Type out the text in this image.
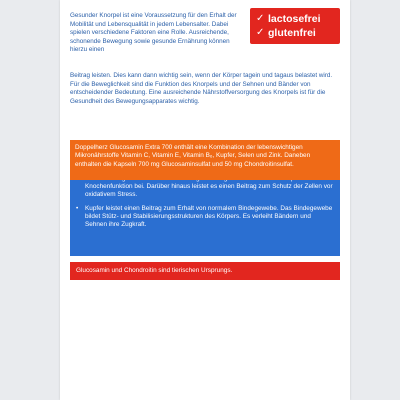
✓ lactosefrei
✓ glutenfrei
Gesunder Knorpel ist eine Voraussetzung für den Erhalt der Mobilität und Lebensqualität in jedem Lebensalter. Dabei spielen verschiedene Faktoren eine Rolle. Ausreichende, schonende Bewegung sowie gesunde Ernährung können hierzu einen
Beitrag leisten. Dies kann dann wichtig sein, wenn der Körper tagein und tagaus belastet wird. Für die Beweglichkeit sind die Funktion des Knorpels und der Sehnen und Bänder von entscheidender Bedeutung. Eine ausreichende Nährstoffversorgung des Knorpels ist für die Gesundheit des Bewegungsapparates wichtig.
Doppelherz Glucosamin Extra 700 enthält eine Kombination der lebenswichtigen Mikronährstoffe Vitamin C, Vitamin E, Vitamin B₆, Kupfer, Selen und Zink. Daneben enthalten die Kapseln 700 mg Glucosaminsulfat und 50 mg Chondroitinsulfat.
Knochenfunktion bei. Darüber hinaus leistet es einen Beitrag zum Schutz der Zellen vor oxidativem Stress.
• Kupfer leistet einen Beitrag zum Erhalt von normalem Bindegewebe. Das Bindegewebe bildet Stütz- und Stabilisierungsstrukturen des Körpers. Es verleiht Bändern und Sehnen ihre Zugkraft.
Glucosamin und Chondroitin sind tierischen Ursprungs.
